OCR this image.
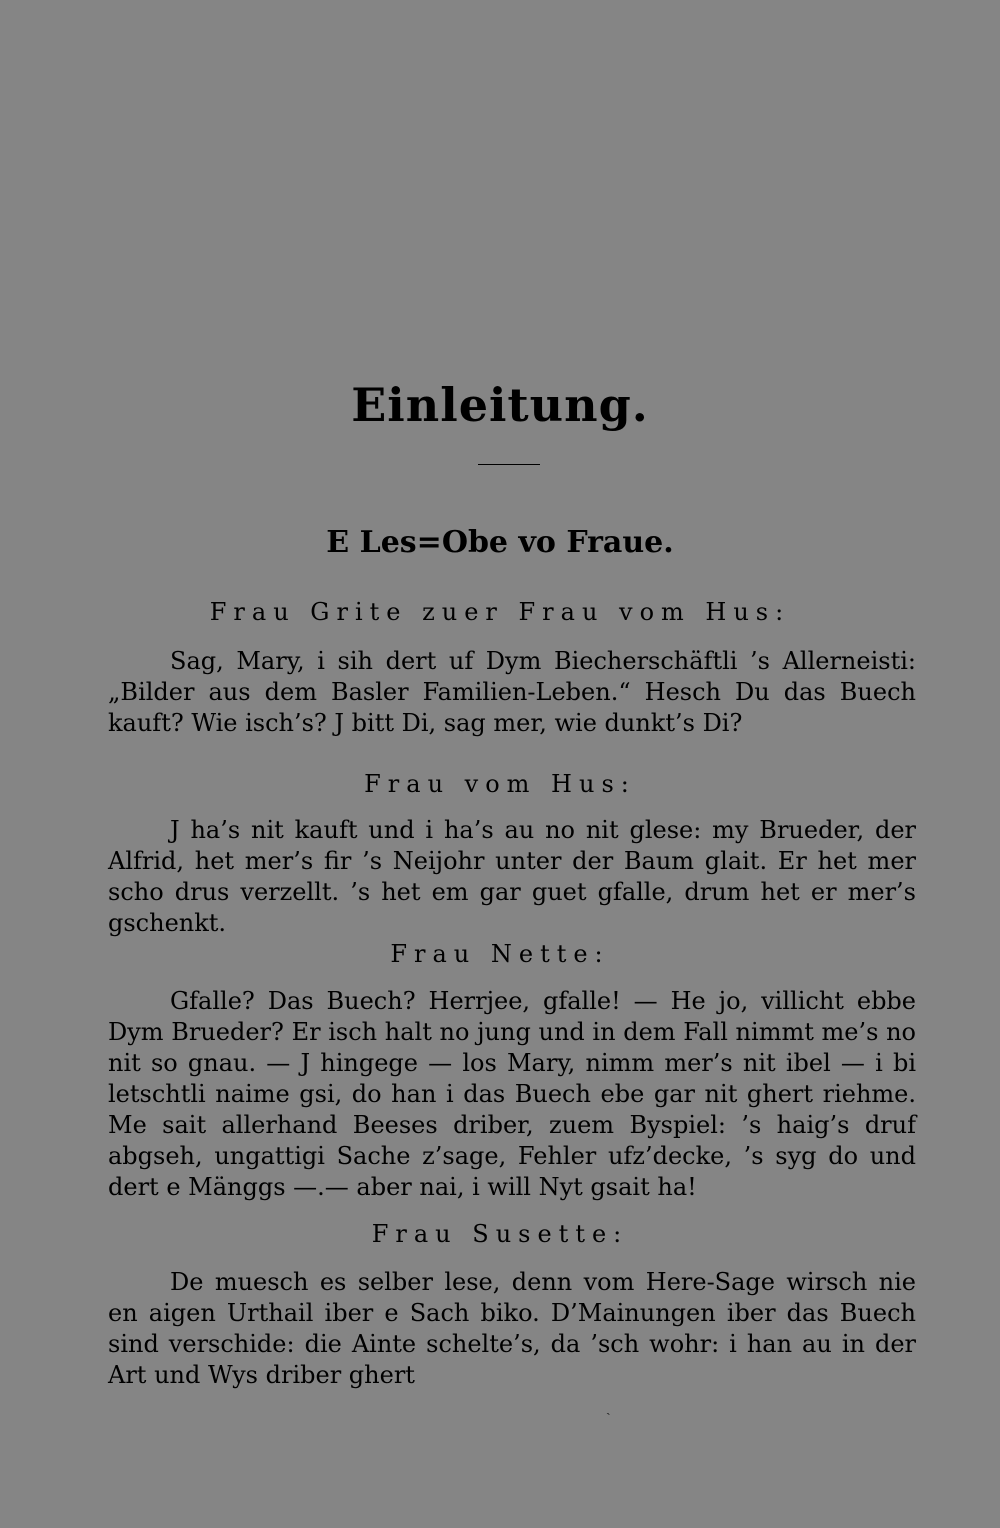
Einleitung.
E Les=Obe vo Fraue.

Frau Grite zuer Frau vom Hus:

Sag, Mary, i sih dert uf Dym Biecherschäftli ’s Allerneisti: „Bilder aus dem Basler Familien-Leben.“ Hesch Du das Buech kauft? Wie isch’s? J bitt Di, sag mer, wie dunkt’s Di?

Frau vom Hus:

J ha’s nit kauft und i ha’s au no nit glese: my Brueder, der Alfrid, het mer’s fir ’s Neijohr unter der Baum glait. Er het mer scho drus verzellt. ’s het em gar guet gfalle, drum het er mer’s gschenkt.

Frau Nette:

Gfalle? Das Buech? Herrjee, gfalle! — He jo, villicht ebbe Dym Brueder? Er isch halt no jung und in dem Fall nimmt me’s no nit so gnau. — J hingege — los Mary, nimm mer’s nit ibel — i bi letschtli naime gsi, do han i das Buech ebe gar nit ghert riehme. Me sait allerhand Beeses driber, zuem Byspiel: ’s haig’s druf abgseh, ungattigi Sache z’sage, Fehler ufz’decke, ’s syg do und dert e Mänggs —.— aber nai, i will Nyt gsait ha!

Frau Susette:

De muesch es selber lese, denn vom Here-Sage wirsch nie en aigen Urthail iber e Sach biko. D’Mainungen iber das Buech sind verschide: die Ainte schelte’s, da ’sch wohr: i han au in der Art und Wys driber ghert

ˎ
